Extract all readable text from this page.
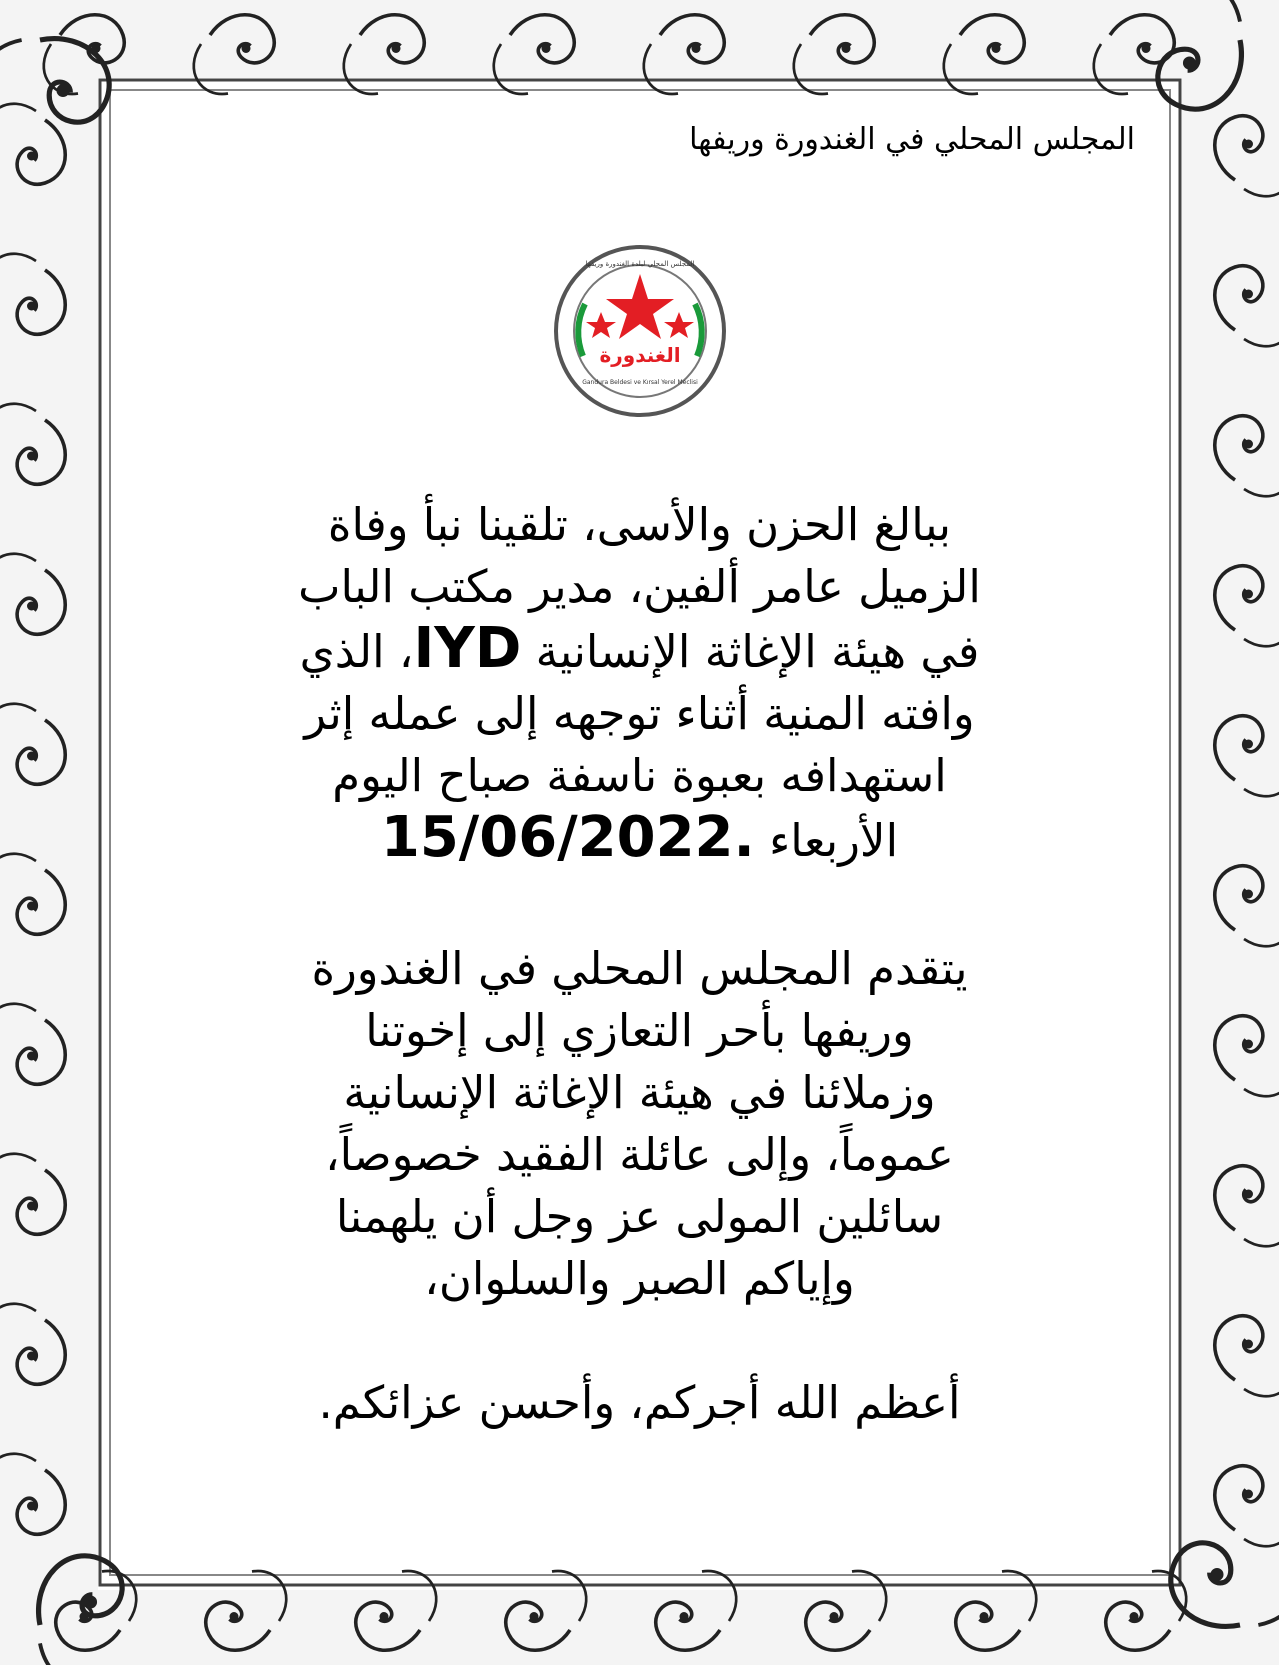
المجلس المحلي في الغندورة وريفها
الغندورة
Gandura Beldesi ve Kırsal Yerel Meclisi
المجلس المحلي لبلدة الغندورة وريفها

ببالغ الحزن والأسى، تلقينا نبأ وفاة
الزميل عامر ألفين، مدير مكتب الباب
في هيئة الإغاثة الإنسانية IYD، الذي
وافته المنية أثناء توجهه إلى عمله إثر
استهدافه بعبوة ناسفة صباح اليوم
الأربعاء 15/06/2022.

يتقدم المجلس المحلي في الغندورة
وريفها بأحر التعازي إلى إخوتنا
وزملائنا في هيئة الإغاثة الإنسانية
عموماً، وإلى عائلة الفقيد خصوصاً،
سائلين المولى عز وجل أن يلهمنا
وإياكم الصبر والسلوان،

أعظم الله أجركم، وأحسن عزائكم.
